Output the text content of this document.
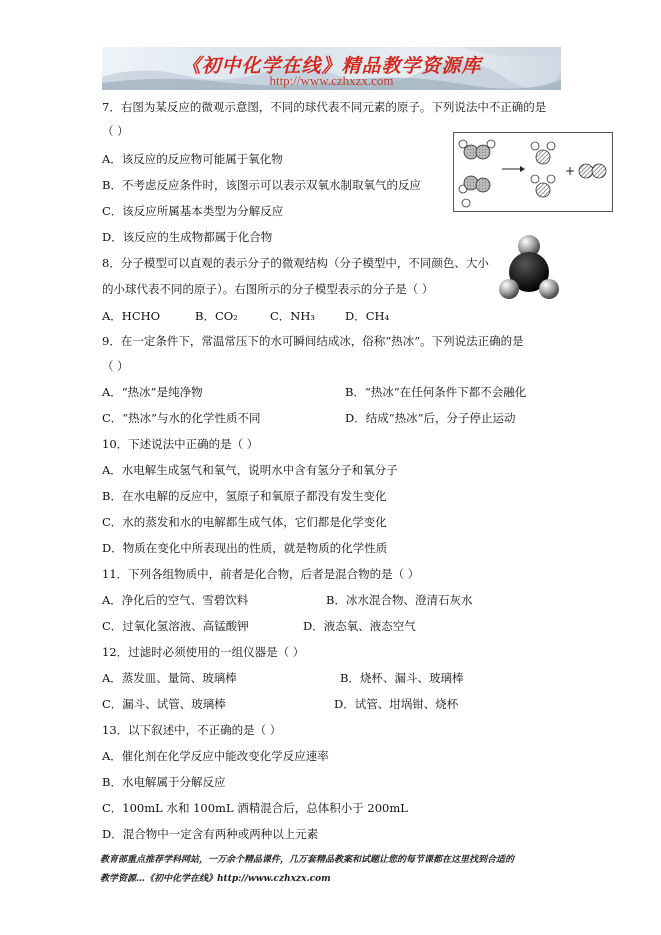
《初中化学在线》精品教学资源库
http://www.czhxzx.com
7．右图为某反应的微观示意图，不同的球代表不同元素的原子。下列说法中不正确的是
（ ）
A．该反应的反应物可能属于氧化物
B．不考虑反应条件时，该图示可以表示双氧水制取氧气的反应
C．该反应所属基本类型为分解反应
D．该反应的生成物都属于化合物
+
8．分子模型可以直观的表示分子的微观结构（分子模型中，不同颜色、大小
的小球代表不同的原子）。右图所示的分子模型表示的分子是（ ）
A．HCHO	B．CO₂	C．NH₃	D．CH₄
9．在一定条件下，常温常压下的水可瞬间结成冰，俗称“热冰”。下列说法正确的是
（ ）
A．“热冰”是纯净物	B．“热冰”在任何条件下都不会融化
C．“热冰”与水的化学性质不同	D．结成“热冰”后，分子停止运动
10．下述说法中正确的是（ ）
A．水电解生成氢气和氧气，说明水中含有氢分子和氧分子
B．在水电解的反应中，氢原子和氧原子都没有发生变化
C．水的蒸发和水的电解都生成气体，它们都是化学变化
D．物质在变化中所表现出的性质，就是物质的化学性质
11．下列各组物质中，前者是化合物，后者是混合物的是（ ）
A．净化后的空气、雪碧饮料	B．冰水混合物、澄清石灰水
C．过氧化氢溶液、高锰酸钾	D．液态氧、液态空气
12．过滤时必须使用的一组仪器是（ ）
A．蒸发皿、量筒、玻璃棒	B．烧杯、漏斗、玻璃棒
C．漏斗、试管、玻璃棒	D．试管、坩埚钳、烧杯
13．以下叙述中，不正确的是（ ）
A．催化剂在化学反应中能改变化学反应速率
B．水电解属于分解反应
C．100mL 水和 100mL 酒精混合后，总体积小于 200mL
D．混合物中一定含有两种或两种以上元素
教育部重点推荐学科网站，一万余个精品课件，几万套精品教案和试题让您的每节课都在这里找到合适的
教学资源…《初中化学在线》http://www.czhxzx.com
